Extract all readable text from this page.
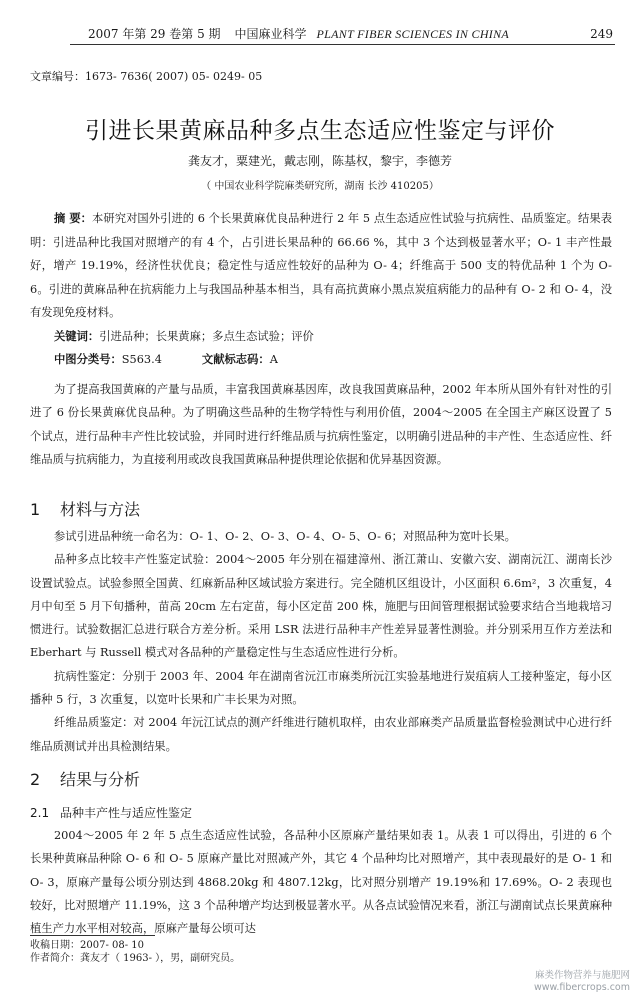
2007 年第 29 卷第 5 期 中国麻业科学 PLANT FIBER SCIENCES IN CHINA	249
文章编号：1673- 7636( 2007) 05- 0249- 05
引进长果黄麻品种多点生态适应性鉴定与评价
龚友才，粟建光，戴志刚，陈基权，黎宇，李德芳
（ 中国农业科学院麻类研究所，湖南 长沙 410205）

摘 要：本研究对国外引进的 6 个长果黄麻优良品种进行 2 年 5 点生态适应性试验与抗病性、品质鉴定。结果表明：引进品种比我国对照增产的有 4 个，占引进长果品种的 66.66 %，其中 3 个达到极显著水平；O- 1 丰产性最好，增产 19.19%，经济性状优良；稳定性与适应性较好的品种为 O- 4；纤维高于 500 支的特优品种 1 个为 O- 6。引进的黄麻品种在抗病能力上与我国品种基本相当，具有高抗黄麻小黑点炭疽病能力的品种有 O- 2 和 O- 4，没有发现免疫材料。

关键词：引进品种；长果黄麻；多点生态试验；评价

中图分类号：S563.4	文献标志码：A

为了提高我国黄麻的产量与品质，丰富我国黄麻基因库，改良我国黄麻品种，2002 年本所从国外有针对性的引进了 6 份长果黄麻优良品种。为了明确这些品种的生物学特性与利用价值，2004～2005 在全国主产麻区设置了 5 个试点，进行品种丰产性比较试验，并同时进行纤维品质与抗病性鉴定，以明确引进品种的丰产性、生态适应性、纤维品质与抗病能力，为直接利用或改良我国黄麻品种提供理论依据和优异基因资源。

1 材料与方法

参试引进品种统一命名为：O- 1、O- 2、O- 3、O- 4、O- 5、O- 6；对照品种为宽叶长果。

品种多点比较丰产性鉴定试验：2004～2005 年分别在福建漳州、浙江萧山、安徽六安、湖南沅江、湖南长沙设置试验点。试验参照全国黄、红麻新品种区域试验方案进行。完全随机区组设计，小区面积 6.6m²，3 次重复，4 月中旬至 5 月下旬播种，苗高 20cm 左右定苗，每小区定苗 200 株，施肥与田间管理根据试验要求结合当地栽培习惯进行。试验数据汇总进行联合方差分析。采用 LSR 法进行品种丰产性差异显著性测验。并分别采用互作方差法和 Eberhart 与 Russell 模式对各品种的产量稳定性与生态适应性进行分析。

抗病性鉴定：分别于 2003 年、2004 年在湖南省沅江市麻类所沅江实验基地进行炭疽病人工接种鉴定，每小区播种 5 行，3 次重复，以宽叶长果和广丰长果为对照。

纤维品质鉴定：对 2004 年沅江试点的测产纤维进行随机取样，由农业部麻类产品质量监督检验测试中心进行纤维品质测试并出具检测结果。

2 结果与分析
2.1 品种丰产性与适应性鉴定

2004～2005 年 2 年 5 点生态适应性试验，各品种小区原麻产量结果如表 1。从表 1 可以得出，引进的 6 个长果种黄麻品种除 O- 6 和 O- 5 原麻产量比对照减产外，其它 4 个品种均比对照增产，其中表现最好的是 O- 1 和 O- 3，原麻产量每公顷分别达到 4868.20kg 和 4807.12kg，比对照分别增产 19.19%和 17.69%。O- 2 表现也较好，比对照增产 11.19%，这 3 个品种增产均达到极显著水平。从各点试验情况来看，浙江与湖南试点长果黄麻种植生产力水平相对较高，原麻产量每公顷可达

收稿日期：2007- 08- 10
作者简介：龚友才（ 1963- ），男，副研究员。
麻类作物营养与施肥网
www.fibercrops.com
